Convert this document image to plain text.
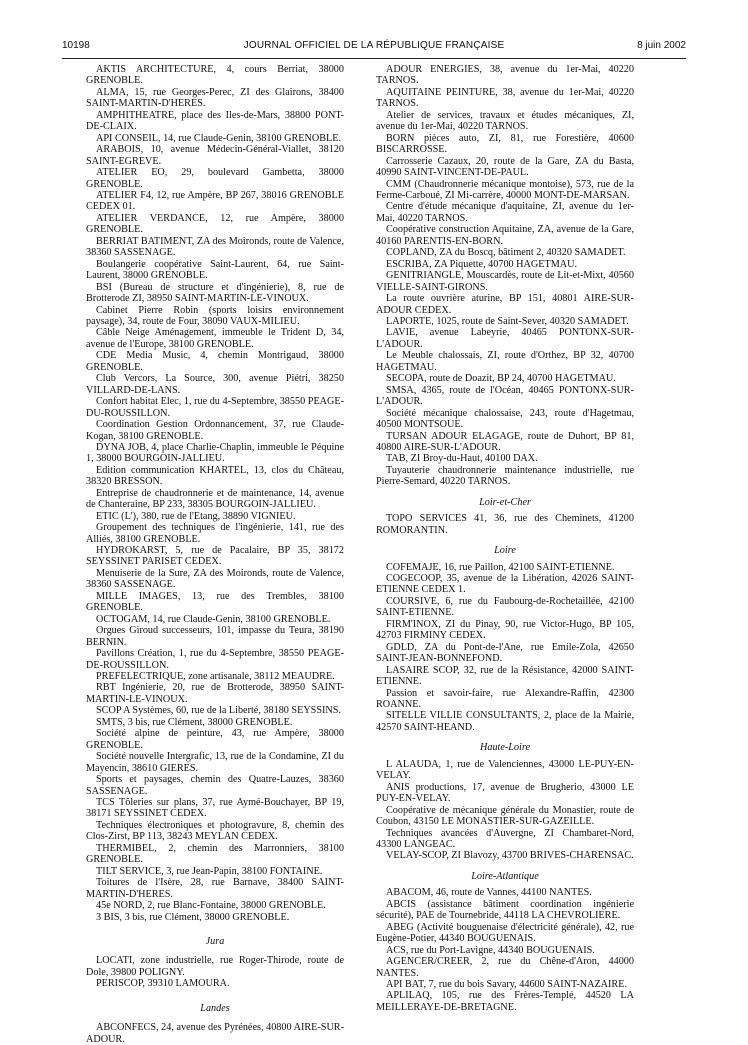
10198	JOURNAL OFFICIEL DE LA RÉPUBLIQUE FRANÇAISE	8 juin 2002

AKTIS ARCHITECTURE, 4, cours Berriat, 38000 GRENOBLE.

ALMA, 15, rue Georges-Perec, ZI des Glairons, 38400 SAINT-MARTIN-D'HERES.

AMPHITHEATRE, place des Iles-de-Mars, 38800 PONT-DE-CLAIX.

API CONSEIL, 14, rue Claude-Genin, 38100 GRENOBLE.

ARABOIS, 10, avenue Médecin-Général-Viallet, 38120 SAINT-EGREVE.

ATELIER EO, 29, boulevard Gambetta, 38000 GRENOBLE.

ATELIER F4, 12, rue Ampère, BP 267, 38016 GRENOBLE CEDEX 01.

ATELIER VERDANCE, 12, rue Ampère, 38000 GRENOBLE.

BERRIAT BATIMENT, ZA des Moironds, route de Valence, 38360 SASSENAGE.

Boulangerie coopérative Saint-Laurent, 64, rue Saint-Laurent, 38000 GRENOBLE.

BSI (Bureau de structure et d'ingénierie), 8, rue de Brotterode ZI, 38950 SAINT-MARTIN-LE-VINOUX.

Cabinet Pierre Robin (sports loisirs environnement paysage), 34, route de Four, 38090 VAUX-MILIEU.

Câble Neige Aménagement, immeuble le Trident D, 34, avenue de l'Europe, 38100 GRENOBLE.

CDE Media Music, 4, chemin Montrigaud, 38000 GRENOBLE.

Club Vercors, La Source, 300, avenue Piétri, 38250 VILLARD-DE-LANS.

Confort habitat Elec, 1, rue du 4-Septembre, 38550 PEAGE-DU-ROUSSILLON.

Coordination Gestion Ordonnancement, 37, rue Claude-Kogan, 38100 GRENOBLE.

DYNA JOB, 4, place Charlie-Chaplin, immeuble le Péquine 1, 38000 BOURGOIN-JALLIEU.

Edition communication KHARTEL, 13, clos du Château, 38320 BRESSON.

Entreprise de chaudronnerie et de maintenance, 14, avenue de Chanteraine, BP 233, 38305 BOURGOIN-JALLIEU.

ETIC (L'), 380, rue de l'Etang, 38890 VIGNIEU.

Groupement des techniques de l'ingénierie, 141, rue des Alliés, 38100 GRENOBLE.

HYDROKARST, 5, rue de Pacalaire, BP 35, 38172 SEYSSINET PARISET CEDEX.

Menuiserie de la Sure, ZA des Moironds, route de Valence, 38360 SASSENAGE.

MILLE IMAGES, 13, rue des Trembles, 38100 GRENOBLE.

OCTOGAM, 14, rue Claude-Genin, 38100 GRENOBLE.

Orgues Giroud successeurs, 101, impasse du Teura, 38190 BERNIN.

Pavillons Création, 1, rue du 4-Septembre, 38550 PEAGE-DE-ROUSSILLON.

PREFELECTRIQUE, zone artisanale, 38112 MEAUDRE.

RBT Ingénierie, 20, rue de Brotterode, 38950 SAINT-MARTIN-LE-VINOUX.

SCOP A Systèmes, 60, rue de la Liberté, 38180 SEYSSINS.

SMTS, 3 bis, rue Clément, 38000 GRENOBLE.

Société alpine de peinture, 43, rue Ampère, 38000 GRENOBLE.

Société nouvelle Intergrafic, 13, rue de la Condamine, ZI du Mayencin, 38610 GIERES.

Sports et paysages, chemin des Quatre-Lauzes, 38360 SASSENAGE.

TCS Tôleries sur plans, 37, rue Aymé-Bouchayer, BP 19, 38171 SEYSSINET CEDEX.

Techniques électroniques et photogravure, 8, chemin des Clos-Zirst, BP 113, 38243 MEYLAN CEDEX.

THERMIBEL, 2, chemin des Marronniers, 38100 GRENOBLE.

TILT SERVICE, 3, rue Jean-Papin, 38100 FONTAINE.

Toitures de l'Isère, 28, rue Barnave, 38400 SAINT-MARTIN-D'HERES.

45e NORD, 2, rue Blanc-Fontaine, 38000 GRENOBLE.

3 BIS, 3 bis, rue Clément, 38000 GRENOBLE.

Jura

LOCATI, zone industrielle, rue Roger-Thirode, route de Dole, 39800 POLIGNY.

PERISCOP, 39310 LAMOURA.

Landes

ABCONFECS, 24, avenue des Pyrénées, 40800 AIRE-SUR-ADOUR.

ADOUR ENERGIES, 38, avenue du 1er-Mai, 40220 TARNOS.

AQUITAINE PEINTURE, 38, avenue du 1er-Mai, 40220 TARNOS.

Atelier de services, travaux et études mécaniques, ZI, avenue du 1er-Mai, 40220 TARNOS.

BORN pièces auto, ZI, 81, rue Forestière, 40600 BISCARROSSE.

Carrosserie Cazaux, 20, route de la Gare, ZA du Basta, 40990 SAINT-VINCENT-DE-PAUL.

CMM (Chaudronnerie mécanique montoise), 573, rue de la Ferme-Carboué, ZI Mi-carrère, 40000 MONT-DE-MARSAN.

Centre d'étude mécanique d'aquitaine, ZI, avenue du 1er-Mai, 40220 TARNOS.

Coopérative construction Aquitaine, ZA, avenue de la Gare, 40160 PARENTIS-EN-BORN.

COPLAND, ZA du Boscq, bâtiment 2, 40320 SAMADET.

ESCRIBA, ZA Piquette, 40700 HAGETMAU.

GENITRIANGLE, Mouscardès, route de Lit-et-Mixt, 40560 VIELLE-SAINT-GIRONS.

La route ouvrière aturine, BP 151, 40801 AIRE-SUR-ADOUR CEDEX.

LAPORTE, 1025, route de Saint-Sever, 40320 SAMADET.

LAVIE, avenue Labeyrie, 40465 PONTONX-SUR-L'ADOUR.

Le Meuble chalossais, ZI, route d'Orthez, BP 32, 40700 HAGETMAU.

SECOPA, route de Doazit, BP 24, 40700 HAGETMAU.

SMSA, 4365, route de l'Océan, 40465 PONTONX-SUR-L'ADOUR.

Société mécanique chalossaise, 243, route d'Hagetmau, 40500 MONTSOUE.

TURSAN ADOUR ELAGAGE, route de Duhort, BP 81, 40800 AIRE-SUR-L'ADOUR.

TAB, ZI Broy-du-Haut, 40100 DAX.

Tuyauterie chaudronnerie maintenance industrielle, rue Pierre-Semard, 40220 TARNOS.

Loir-et-Cher

TOPO SERVICES 41, 36, rue des Cheminets, 41200 ROMORANTIN.

Loire

COFEMAJE, 16, rue Paillon, 42100 SAINT-ETIENNE.

COGECOOP, 35, avenue de la Libération, 42026 SAINT-ETIENNE CEDEX 1.

COURSIVE, 6, rue du Faubourg-de-Rochetaillée, 42100 SAINT-ETIENNE.

FIRM'INOX, ZI du Pinay, 90, rue Victor-Hugo, BP 105, 42703 FIRMINY CEDEX.

GDLD, ZA du Pont-de-l'Ane, rue Emile-Zola, 42650 SAINT-JEAN-BONNEFOND.

LASAIRE SCOP, 32, rue de la Résistance, 42000 SAINT-ETIENNE.

Passion et savoir-faire, rue Alexandre-Raffin, 42300 ROANNE.

SITELLE VILLIE CONSULTANTS, 2, place de la Mairie, 42570 SAINT-HEAND.

Haute-Loire

L ALAUDA, 1, rue de Valenciennes, 43000 LE-PUY-EN-VELAY.

ANIS productions, 17, avenue de Brugherio, 43000 LE PUY-EN-VELAY.

Coopérative de mécanique générale du Monastier, route de Coubon, 43150 LE MONASTIER-SUR-GAZEILLE.

Techniques avancées d'Auvergne, ZI Chambaret-Nord, 43300 LANGEAC.

VELAY-SCOP, ZI Blavozy, 43700 BRIVES-CHARENSAC.

Loire-Atlantique

ABACOM, 46, route de Vannes, 44100 NANTES.

ABCIS (assistance bâtiment coordination ingénierie sécurité), PAE de Tournebride, 44118 LA CHEVROLIERE.

ABEG (Activité bouguenaise d'électricité générale), 42, rue Eugène-Potier, 44340 BOUGUENAIS.

ACS, rue du Port-Lavigne, 44340 BOUGUENAIS.

AGENCER/CREER, 2, rue du Chêne-d'Aron, 44000 NANTES.

API BAT, 7, rue du bois Savary, 44600 SAINT-NAZAIRE.

APLILAQ, 105, rue des Frères-Templé, 44520 LA MEILLERAYE-DE-BRETAGNE.
